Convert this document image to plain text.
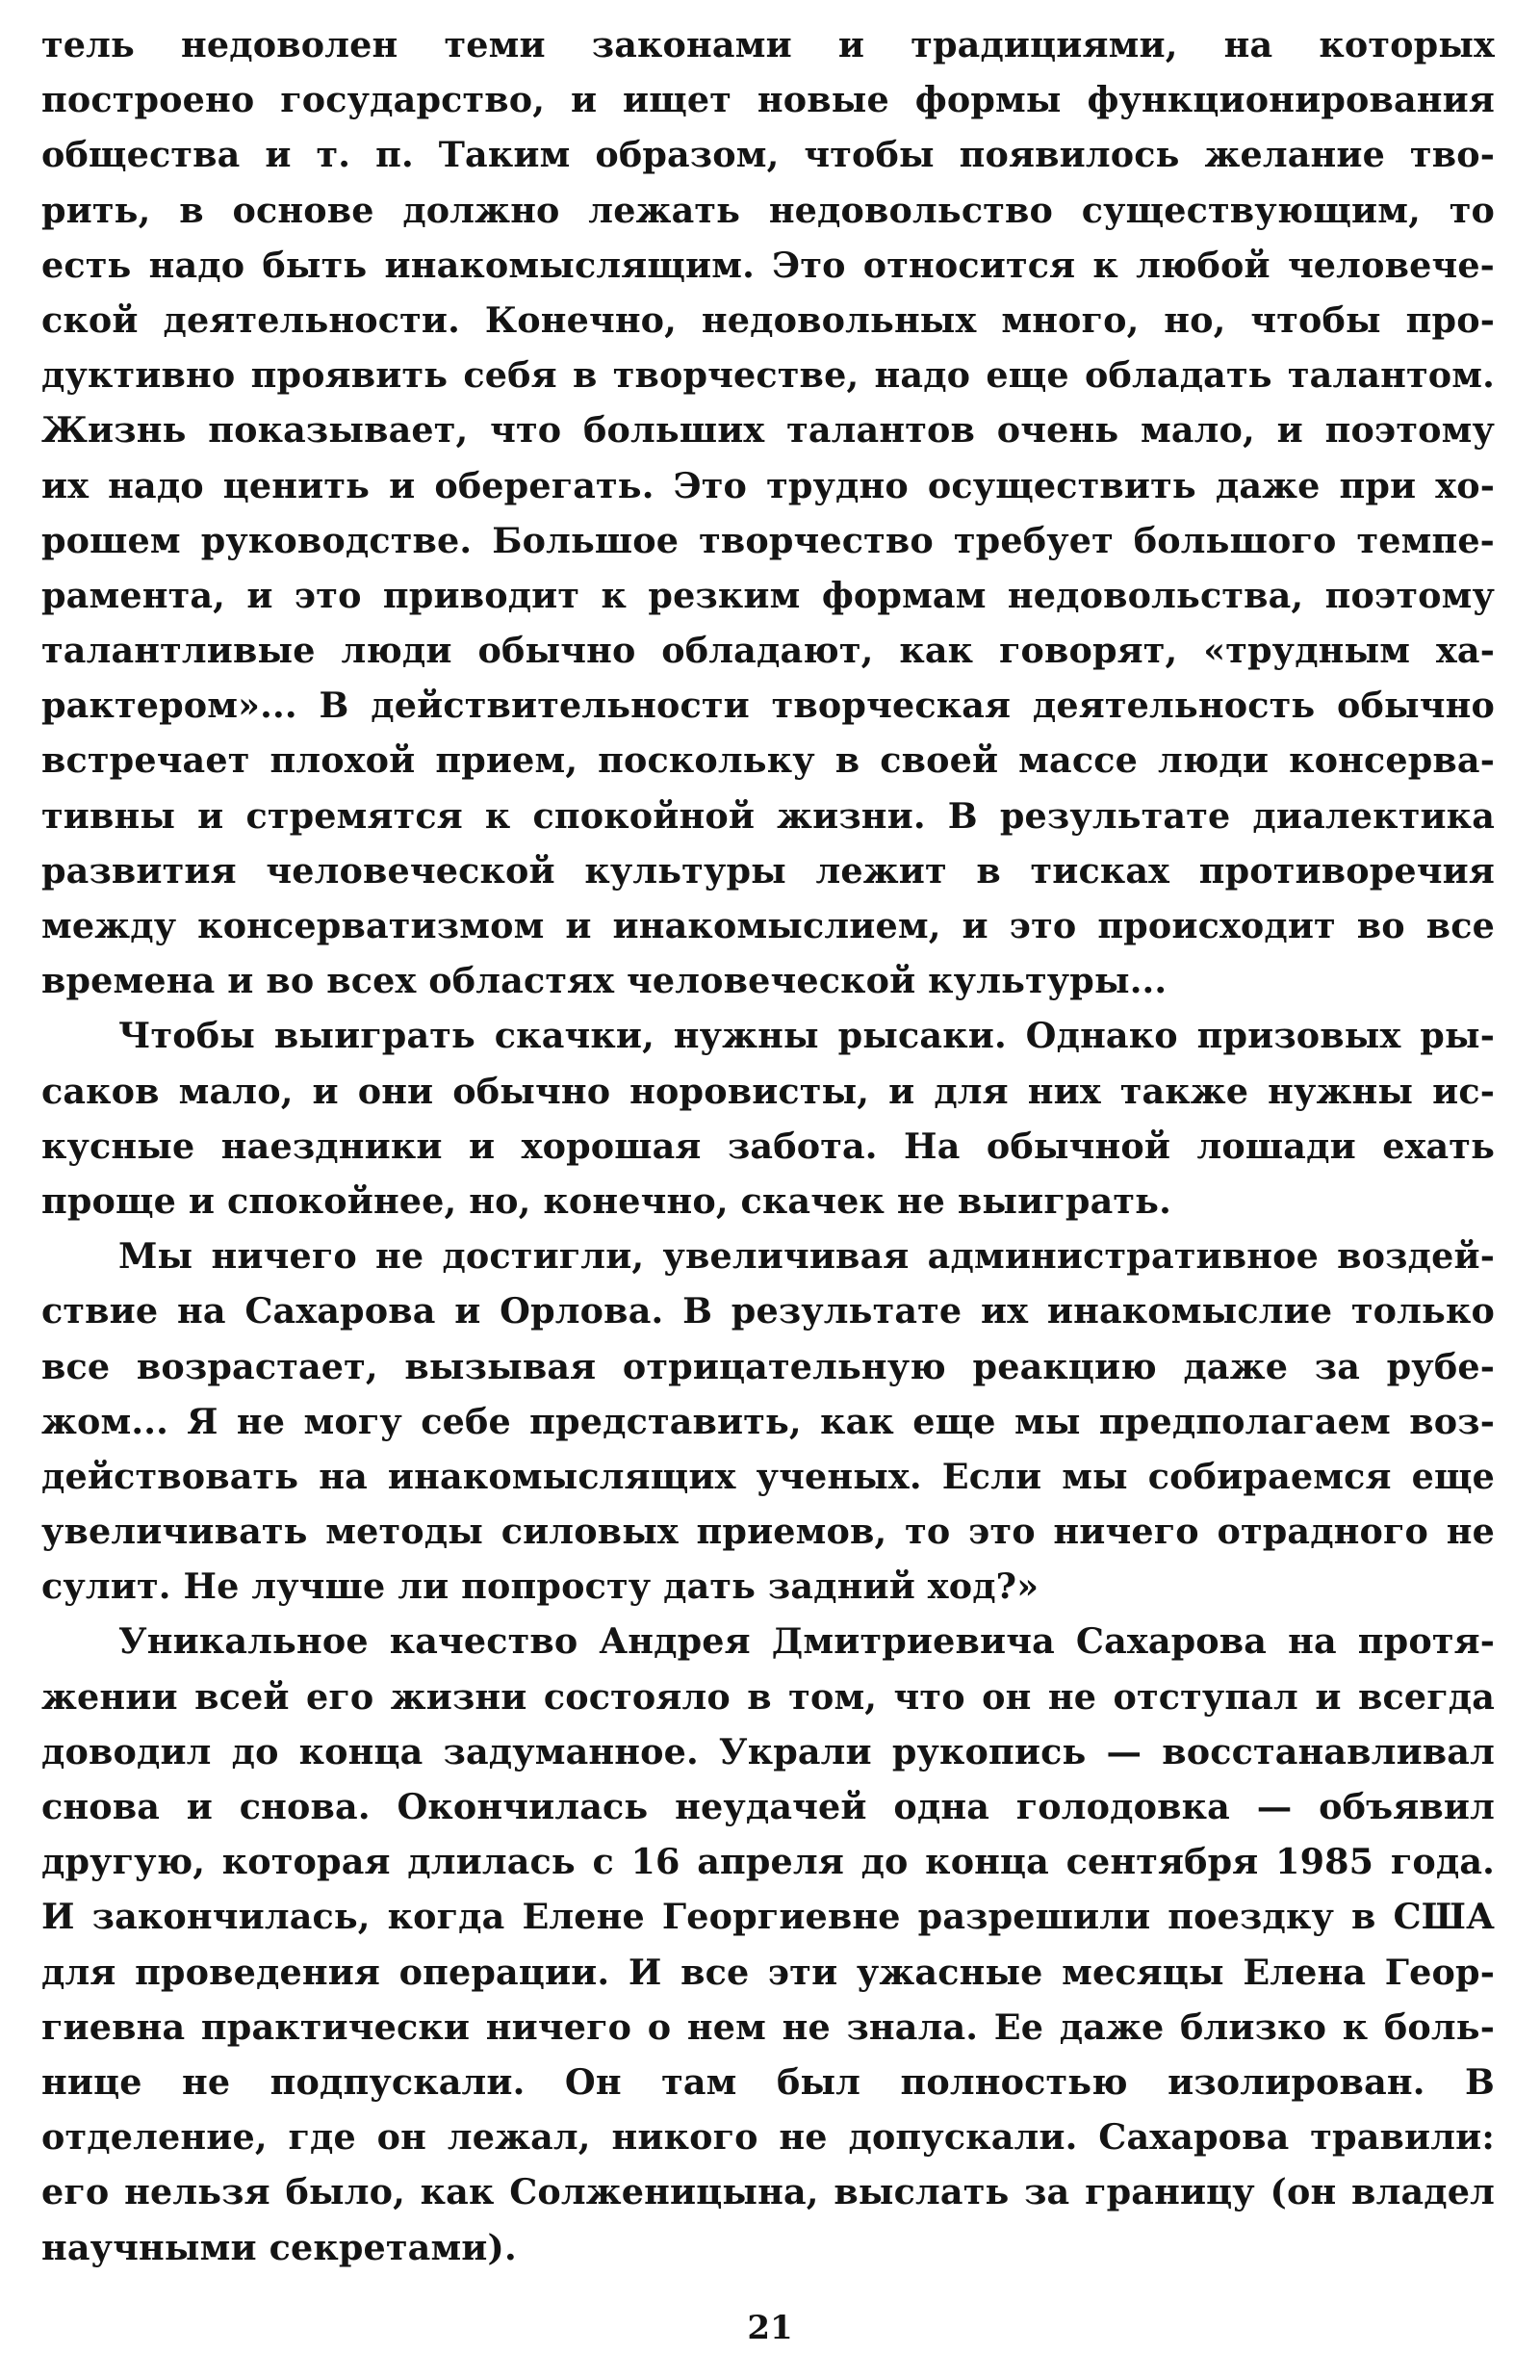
тель недоволен теми законами и традициями, на которых
построено государство, и ищет новые формы функционирования
общества и т. п. Таким образом, чтобы появилось желание тво-
рить, в основе должно лежать недовольство существующим, то
есть надо быть инакомыслящим. Это относится к любой человече-
ской деятельности. Конечно, недовольных много, но, чтобы про-
дуктивно проявить себя в творчестве, надо еще обладать талантом.
Жизнь показывает, что больших талантов очень мало, и поэтому
их надо ценить и оберегать. Это трудно осуществить даже при хо-
рошем руководстве. Большое творчество требует большого темпе-
рамента, и это приводит к резким формам недовольства, поэтому
талантливые люди обычно обладают, как говорят, «трудным ха-
рактером»... В действительности творческая деятельность обычно
встречает плохой прием, поскольку в своей массе люди консерва-
тивны и стремятся к спокойной жизни. В результате диалектика
развития человеческой культуры лежит в тисках противоречия
между консерватизмом и инакомыслием, и это происходит во все
времена и во всех областях человеческой культуры...
Чтобы выиграть скачки, нужны рысаки. Однако призовых ры-
саков мало, и они обычно норовисты, и для них также нужны ис-
кусные наездники и хорошая забота. На обычной лошади ехать
проще и спокойнее, но, конечно, скачек не выиграть.
Мы ничего не достигли, увеличивая административное воздей-
ствие на Сахарова и Орлова. В результате их инакомыслие только
все возрастает, вызывая отрицательную реакцию даже за рубе-
жом... Я не могу себе представить, как еще мы предполагаем воз-
действовать на инакомыслящих ученых. Если мы собираемся еще
увеличивать методы силовых приемов, то это ничего отрадного не
сулит. Не лучше ли попросту дать задний ход?»
Уникальное качество Андрея Дмитриевича Сахарова на протя-
жении всей его жизни состояло в том, что он не отступал и всегда
доводил до конца задуманное. Украли рукопись — восстанавливал
снова и снова. Окончилась неудачей одна голодовка — объявил
другую, которая длилась с 16 апреля до конца сентября 1985 года.
И закончилась, когда Елене Георгиевне разрешили поездку в США
для проведения операции. И все эти ужасные месяцы Елена Геор-
гиевна практически ничего о нем не знала. Ее даже близко к боль-
нице не подпускали. Он там был полностью изолирован. В
отделение, где он лежал, никого не допускали. Сахарова травили:
его нельзя было, как Солженицына, выслать за границу (он владел
научными секретами).
21
